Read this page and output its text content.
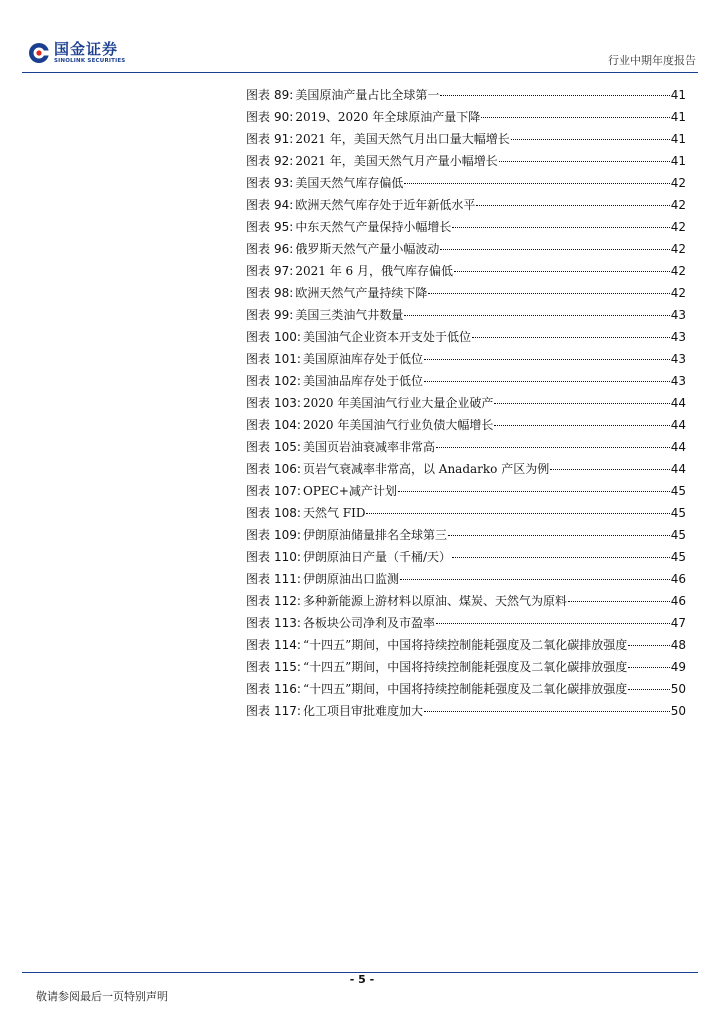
国金证券
SINOLINK SECURITIES	行业中期年度报告
图表 89 : 美国原油产量占比全球第一	41
图表 90 : 2019、2020 年全球原油产量下降	41
图表 91 : 2021 年，美国天然气月出口量大幅增长	41
图表 92 : 2021 年，美国天然气月产量小幅增长	41
图表 93 : 美国天然气库存偏低	42
图表 94 : 欧洲天然气库存处于近年新低水平	42
图表 95 : 中东天然气产量保持小幅增长	42
图表 96 : 俄罗斯天然气产量小幅波动	42
图表 97 : 2021 年 6 月，俄气库存偏低	42
图表 98 : 欧洲天然气产量持续下降	42
图表 99 : 美国三类油气井数量	43
图表 100 : 美国油气企业资本开支处于低位	43
图表 101 : 美国原油库存处于低位	43
图表 102 : 美国油品库存处于低位	43
图表 103 : 2020 年美国油气行业大量企业破产	44
图表 104 : 2020 年美国油气行业负债大幅增长	44
图表 105 : 美国页岩油衰减率非常高	44
图表 106 : 页岩气衰减率非常高，以 Anadarko 产区为例	44
图表 107 : OPEC+减产计划	45
图表 108 : 天然气 FID	45
图表 109 : 伊朗原油储量排名全球第三	45
图表 110 : 伊朗原油日产量（千桶/天）	45
图表 111 : 伊朗原油出口监测	46
图表 112 : 多种新能源上游材料以原油、煤炭、天然气为原料	46
图表 113 : 各板块公司净利及市盈率	47
图表 114 : “十四五”期间，中国将持续控制能耗强度及二氧化碳排放强度	48
图表 115 : “十四五”期间，中国将持续控制能耗强度及二氧化碳排放强度	49
图表 116 : “十四五”期间，中国将持续控制能耗强度及二氧化碳排放强度	50
图表 117 : 化工项目审批难度加大	50
- 5 -
敬请参阅最后一页特别声明
